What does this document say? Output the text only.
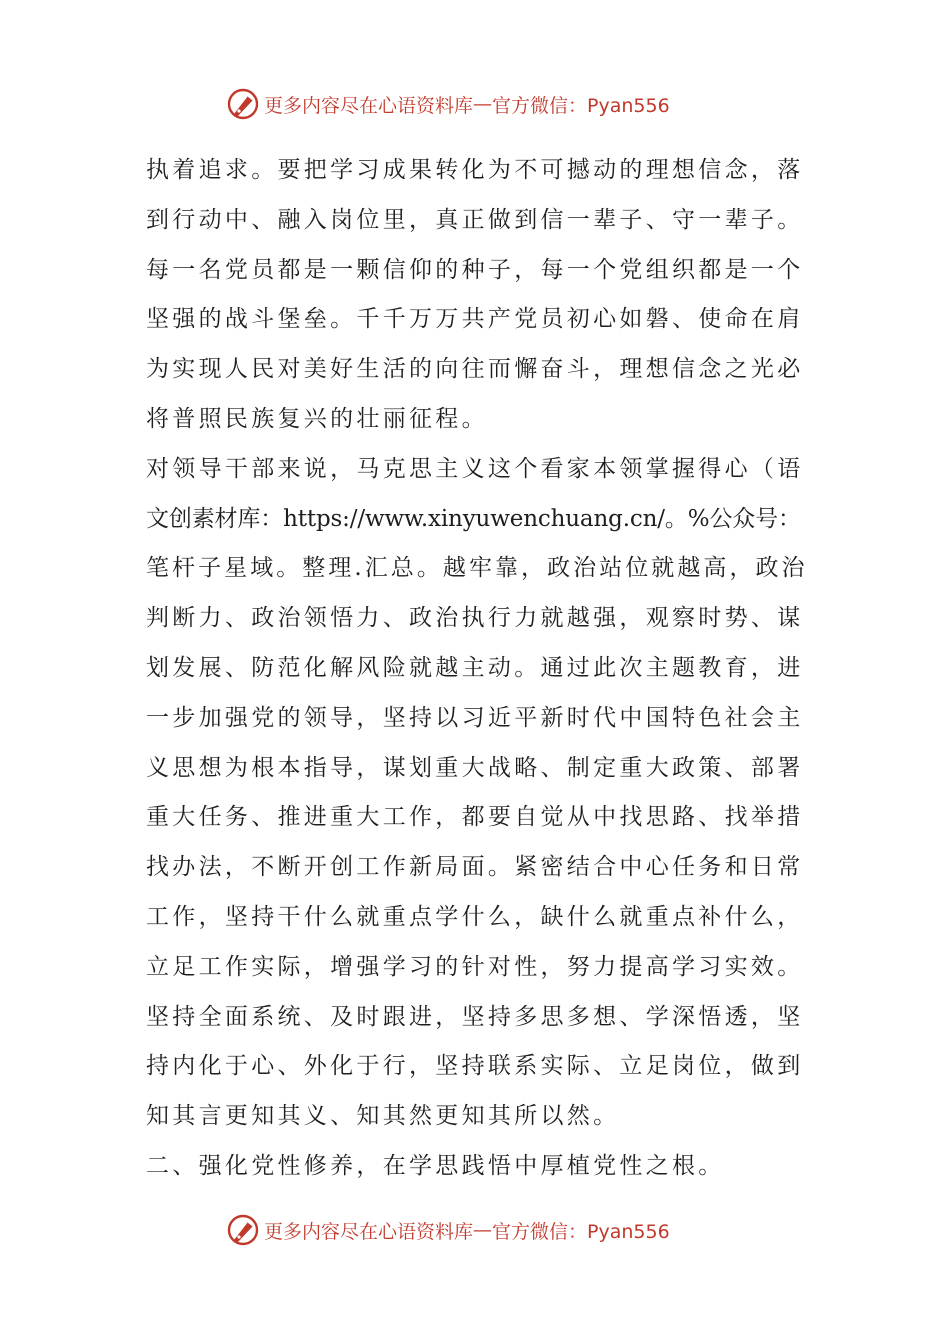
更多内容尽在心语资料库 — 官方微信：Pyan556
执着追求。要把学习成果转化为不可撼动的理想信念，落
到行动中、融入岗位里，真正做到信一辈子、守一辈子。
每一名党员都是一颗信仰的种子，每一个党组织都是一个
坚强的战斗堡垒。千千万万共产党员初心如磐、使命在肩
为实现人民对美好生活的向往而懈奋斗，理想信念之光必
将普照民族复兴的壮丽征程。
对领导干部来说，马克思主义这个看家本领掌握得心（语
文创素材库：https://www.xinyuwenchuang.cn/。%公众号：
笔杆子星域。整理.汇总。越牢靠，政治站位就越高，政治
判断力、政治领悟力、政治执行力就越强，观察时势、谋
划发展、防范化解风险就越主动。通过此次主题教育，进
一步加强党的领导，坚持以习近平新时代中国特色社会主
义思想为根本指导，谋划重大战略、制定重大政策、部署
重大任务、推进重大工作，都要自觉从中找思路、找举措
找办法，不断开创工作新局面。紧密结合中心任务和日常
工作，坚持干什么就重点学什么，缺什么就重点补什么，
立足工作实际，增强学习的针对性，努力提高学习实效。
坚持全面系统、及时跟进，坚持多思多想、学深悟透，坚
持内化于心、外化于行，坚持联系实际、立足岗位，做到
知其言更知其义、知其然更知其所以然。
二、强化党性修养，在学思践悟中厚植党性之根。
更多内容尽在心语资料库 — 官方微信：Pyan556
